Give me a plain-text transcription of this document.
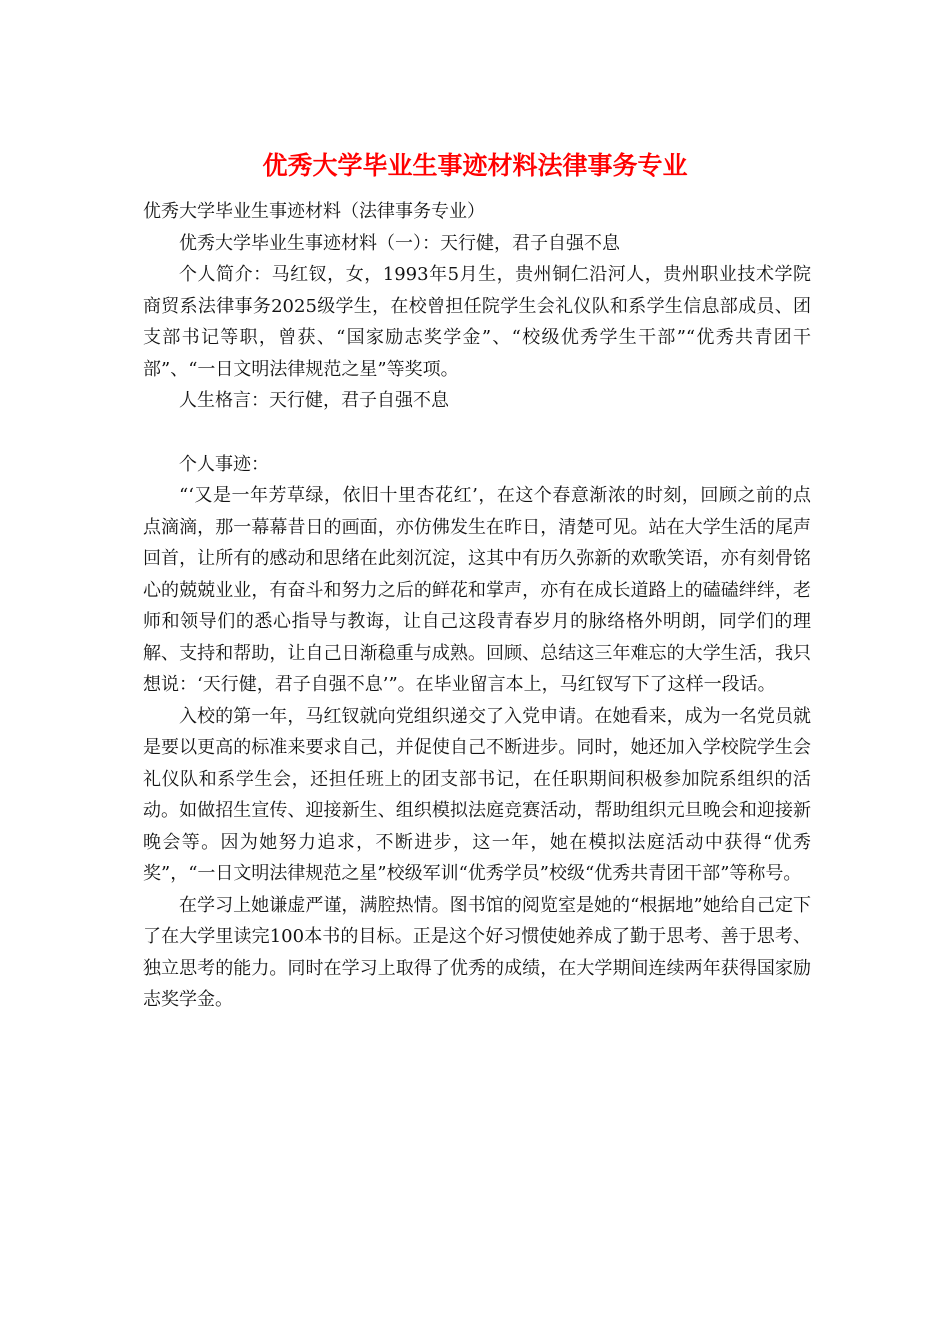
优秀大学毕业生事迹材料法律事务专业

优秀大学毕业生事迹材料（法律事务专业）

优秀大学毕业生事迹材料（一）：天行健，君子自强不息

个人简介：马红钗，女，1993年5月生，贵州铜仁沿河人，贵州职业技术学院商贸系法律事务2025级学生，在校曾担任院学生会礼仪队和系学生信息部成员、团支部书记等职，曾获、“国家励志奖学金”、“校级优秀学生干部”“优秀共青团干部”、“一日文明法律规范之星”等奖项。

人生格言：天行健，君子自强不息

个人事迹：

“‘又是一年芳草绿，依旧十里杏花红’，在这个春意渐浓的时刻，回顾之前的点点滴滴，那一幕幕昔日的画面，亦仿佛发生在昨日，清楚可见。站在大学生活的尾声回首，让所有的感动和思绪在此刻沉淀，这其中有历久弥新的欢歌笑语，亦有刻骨铭心的兢兢业业，有奋斗和努力之后的鲜花和掌声，亦有在成长道路上的磕磕绊绊，老师和领导们的悉心指导与教诲，让自己这段青春岁月的脉络格外明朗，同学们的理解、支持和帮助，让自己日渐稳重与成熟。回顾、总结这三年难忘的大学生活，我只想说：‘天行健，君子自强不息’”。在毕业留言本上，马红钗写下了这样一段话。

入校的第一年，马红钗就向党组织递交了入党申请。在她看来，成为一名党员就是要以更高的标准来要求自己，并促使自己不断进步。同时，她还加入学校院学生会礼仪队和系学生会，还担任班上的团支部书记，在任职期间积极参加院系组织的活动。如做招生宣传、迎接新生、组织模拟法庭竞赛活动，帮助组织元旦晚会和迎接新晚会等。因为她努力追求，不断进步，这一年，她在模拟法庭活动中获得“优秀奖”，“一日文明法律规范之星”校级军训“优秀学员”校级“优秀共青团干部”等称号。

在学习上她谦虚严谨，满腔热情。图书馆的阅览室是她的“根据地”她给自己定下了在大学里读完100本书的目标。正是这个好习惯使她养成了勤于思考、善于思考、独立思考的能力。同时在学习上取得了优秀的成绩，在大学期间连续两年获得国家励志奖学金。
